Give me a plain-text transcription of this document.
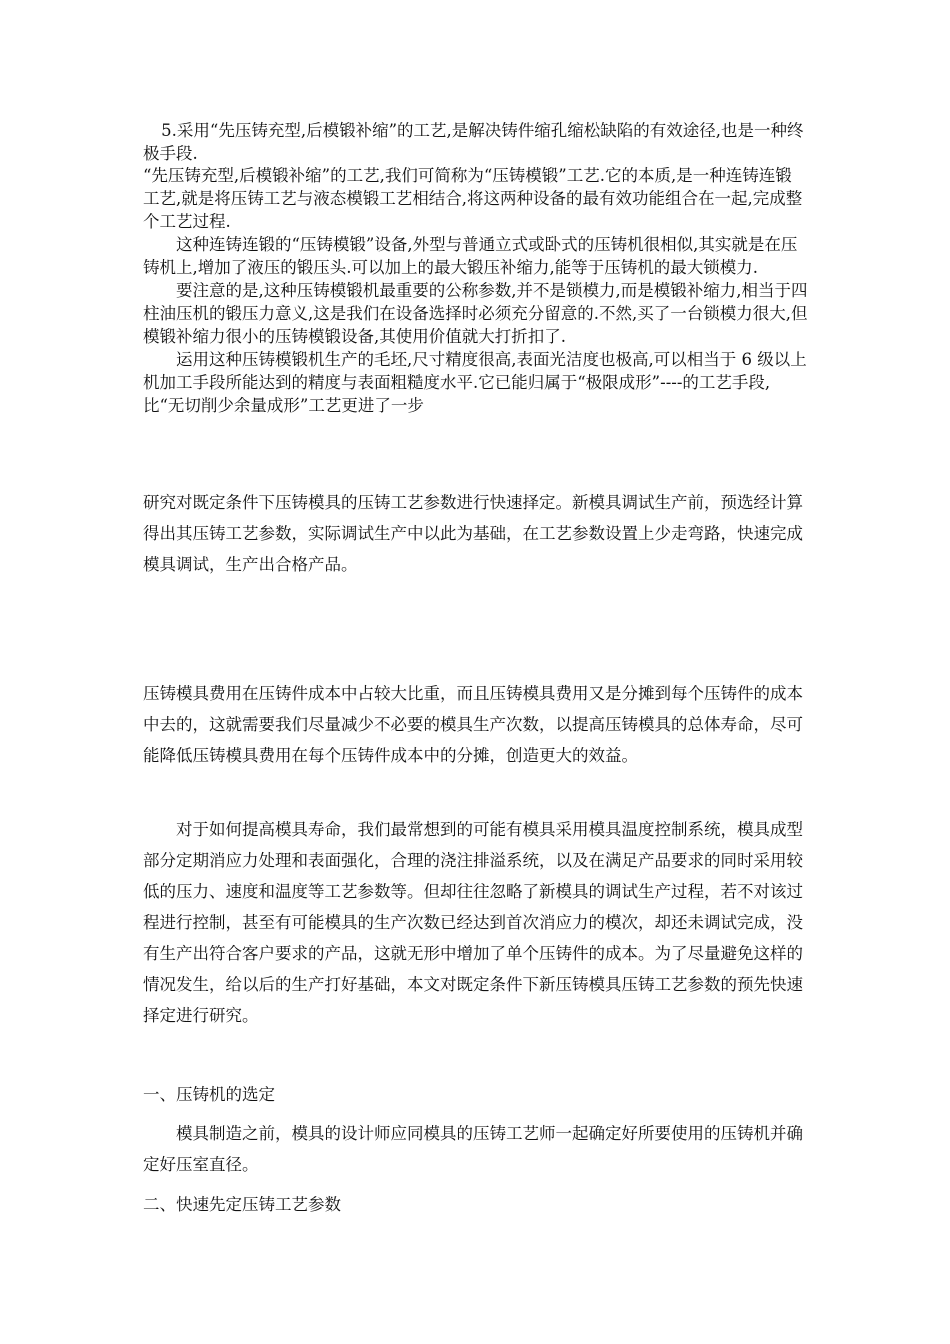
5.采用“先压铸充型,后模锻补缩”的工艺,是解决铸件缩孔缩松缺陷的有效途径,也是一种终极手段.

“先压铸充型,后模锻补缩”的工艺,我们可简称为“压铸模锻”工艺.它的本质,是一种连铸连锻工艺,就是将压铸工艺与液态模锻工艺相结合,将这两种设备的最有效功能组合在一起,完成整个工艺过程.

这种连铸连锻的“压铸模锻”设备,外型与普通立式或卧式的压铸机很相似,其实就是在压铸机上,增加了液压的锻压头.可以加上的最大锻压补缩力,能等于压铸机的最大锁模力.

要注意的是,这种压铸模锻机最重要的公称参数,并不是锁模力,而是模锻补缩力,相当于四柱油压机的锻压力意义,这是我们在设备选择时必须充分留意的.不然,买了一台锁模力很大,但模锻补缩力很小的压铸模锻设备,其使用价值就大打折扣了.

运用这种压铸模锻机生产的毛坯,尺寸精度很高,表面光洁度也极高,可以相当于 6 级以上机加工手段所能达到的精度与表面粗糙度水平.它已能归属于“极限成形”----的工艺手段,比“无切削少余量成形”工艺更进了一步

研究对既定条件下压铸模具的压铸工艺参数进行快速择定。新模具调试生产前，预选经计算得出其压铸工艺参数，实际调试生产中以此为基础，在工艺参数设置上少走弯路，快速完成模具调试，生产出合格产品。

压铸模具费用在压铸件成本中占较大比重，而且压铸模具费用又是分摊到每个压铸件的成本中去的，这就需要我们尽量减少不必要的模具生产次数，以提高压铸模具的总体寿命，尽可能降低压铸模具费用在每个压铸件成本中的分摊，创造更大的效益。

对于如何提高模具寿命，我们最常想到的可能有模具采用模具温度控制系统，模具成型部分定期消应力处理和表面强化，合理的浇注排溢系统，以及在满足产品要求的同时采用较低的压力、速度和温度等工艺参数等。但却往往忽略了新模具的调试生产过程，若不对该过程进行控制，甚至有可能模具的生产次数已经达到首次消应力的模次，却还未调试完成，没有生产出符合客户要求的产品，这就无形中增加了单个压铸件的成本。为了尽量避免这样的情况发生，给以后的生产打好基础，本文对既定条件下新压铸模具压铸工艺参数的预先快速择定进行研究。

一、压铸机的选定

模具制造之前，模具的设计师应同模具的压铸工艺师一起确定好所要使用的压铸机并确定好压室直径。

二、快速先定压铸工艺参数
